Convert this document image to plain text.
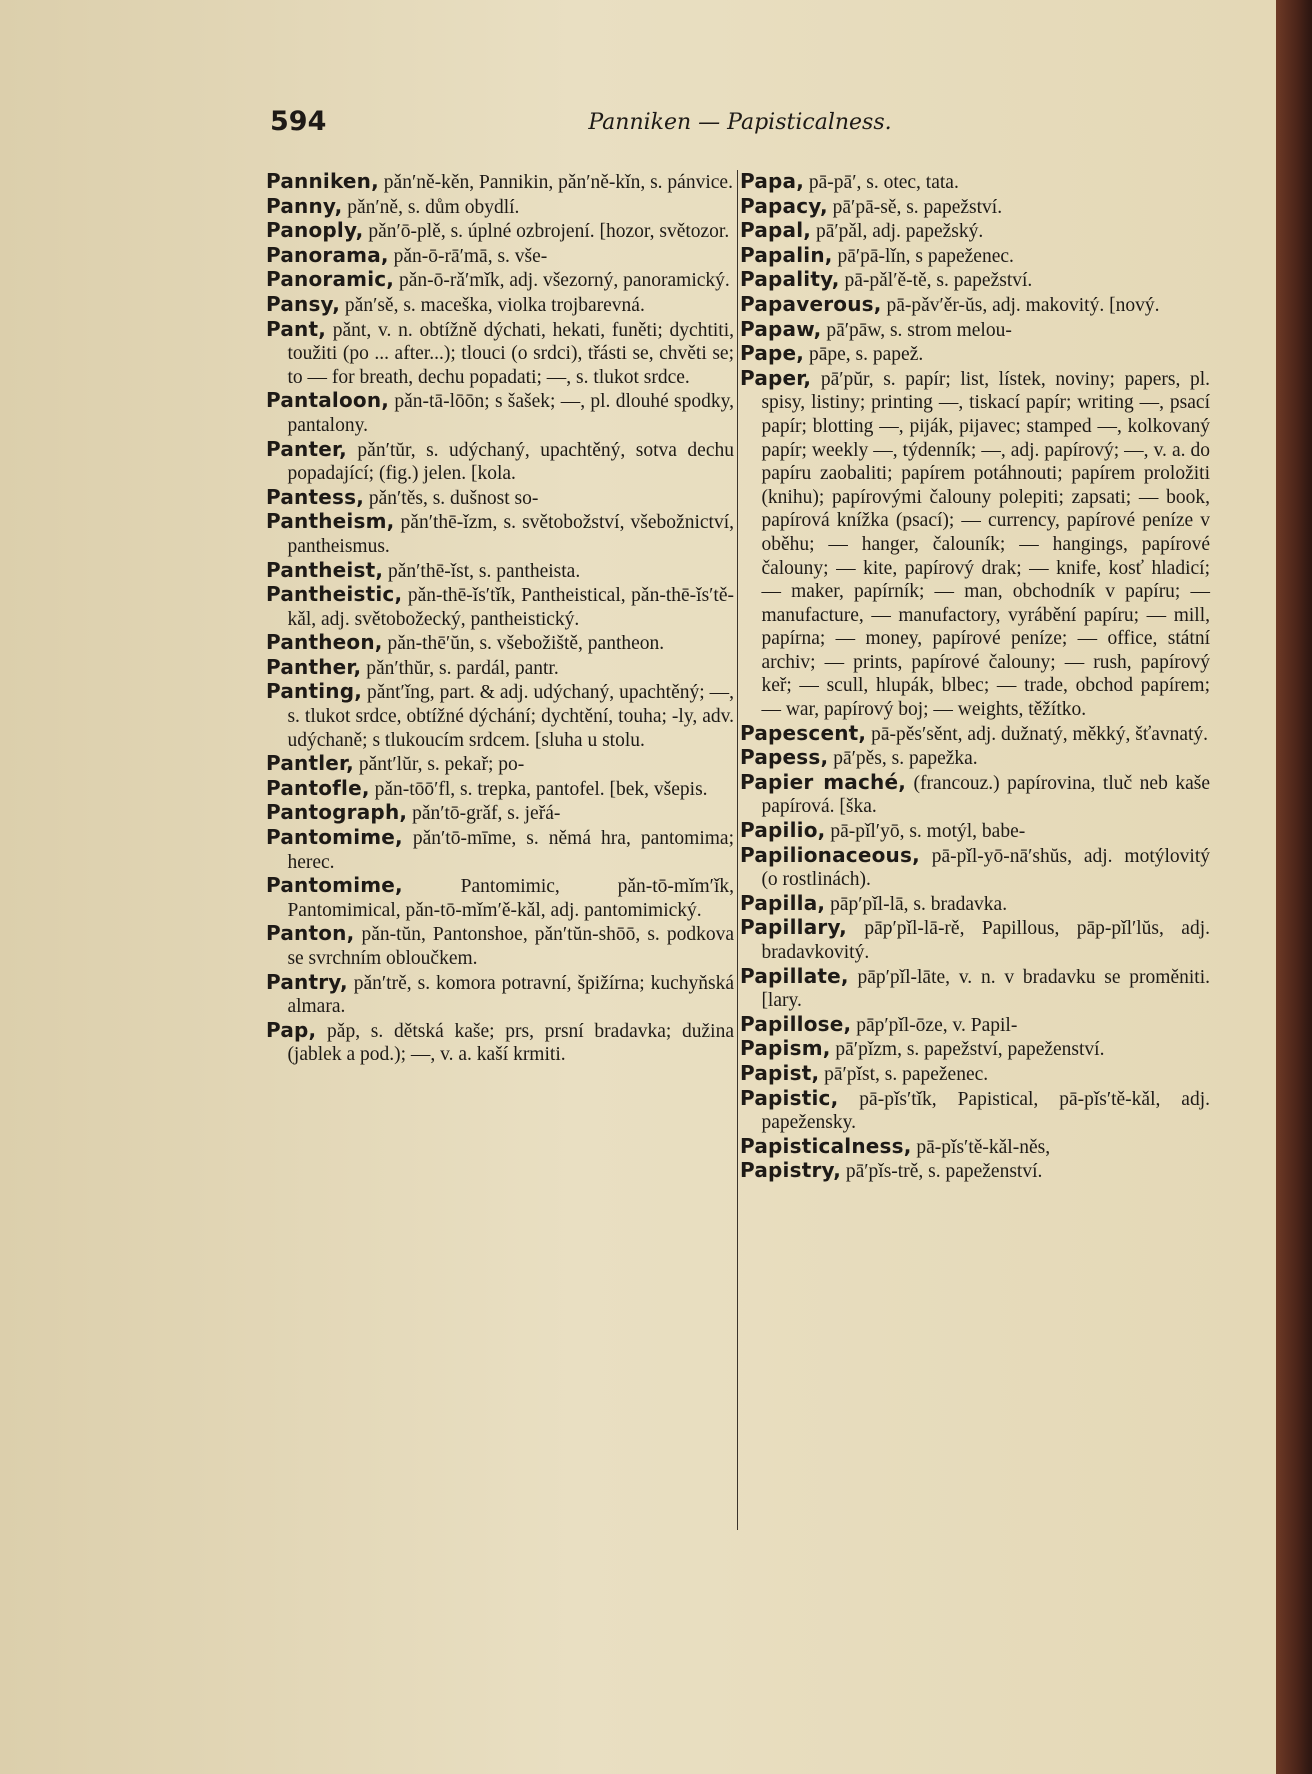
594	Panniken — Papisticalness.

Panniken, pǎn′ně-kěn, Pannikin, pǎn′ně-kǐn, s. pánvice.

Panny, pǎn′ně, s. dům obydlí.

Panoply, pǎn′ō-plě, s. úplné ozbrojení. [hozor, světozor.

Panorama, pǎn-ō-rā′mā, s. vše-

Panoramic, pǎn-ō-rǎ′mǐk, adj. všezorný, panoramický.

Pansy, pǎn′sě, s. maceška, violka trojbarevná.

Pant, pǎnt, v. n. obtížně dýchati, hekati, funěti; dychtiti, toužiti (po ... after...); tlouci (o srdci), třásti se, chvěti se; to — for breath, dechu popadati; —, s. tlukot srdce.

Pantaloon, pǎn-tā-lōōn; s šašek; —, pl. dlouhé spodky, pantalony.

Panter, pǎn′tŭr, s. udýchaný, upachtěný, sotva dechu popadající; (fig.) jelen. [kola.

Pantess, pǎn′těs, s. dušnost so-

Pantheism, pǎn′thē-ǐzm, s. světobožství, všebožnictví, pantheismus.

Pantheist, pǎn′thē-ǐst, s. pantheista.

Pantheistic, pǎn-thē-ǐs′tǐk, Pantheistical, pǎn-thē-ǐs′tě-kǎl, adj. světobožecký, pantheistický.

Pantheon, pǎn-thē′ŭn, s. všebožiště, pantheon.

Panther, pǎn′thŭr, s. pardál, pantr.

Panting, pǎnt′ǐng, part. & adj. udýchaný, upachtěný; —, s. tlukot srdce, obtížné dýchání; dychtění, touha; -ly, adv. udýchaně; s tlukoucím srdcem. [sluha u stolu.

Pantler, pǎnt′lŭr, s. pekař; po-

Pantofle, pǎn-tōō′fl, s. trepka, pantofel. [bek, všepis.

Pantograph, pǎn′tō-grǎf, s. jeřá-

Pantomime, pǎn′tō-mīme, s. němá hra, pantomima; herec.

Pantomime, Pantomimic, pǎn-tō-mǐm′ǐk, Pantomimical, pǎn-tō-mǐm′ě-kǎl, adj. pantomimický.

Panton, pǎn-tŭn, Pantonshoe, pǎn′tŭn-shōō, s. podkova se svrchním obloučkem.

Pantry, pǎn′trě, s. komora potravní, špižírna; kuchyňská almara.

Pap, pǎp, s. dětská kaše; prs, prsní bradavka; dužina (jablek a pod.); —, v. a. kaší krmiti.

Papa, pā-pā′, s. otec, tata.

Papacy, pā′pā-sě, s. papežství.

Papal, pā′pǎl, adj. papežský.

Papalin, pā′pā-lǐn, s papeženec.

Papality, pā-pǎl′ě-tě, s. papežství.

Papaverous, pā-pǎv′ěr-ŭs, adj. makovitý. [nový.

Papaw, pā′pāw, s. strom melou-

Pape, pāpe, s. papež.

Paper, pā′pŭr, s. papír; list, lístek, noviny; papers, pl. spisy, listiny; printing —, tiskací papír; writing —, psací papír; blotting —, piják, pijavec; stamped —, kolkovaný papír; weekly —, týdenník; —, adj. papírový; —, v. a. do papíru zaobaliti; papírem potáhnouti; papírem proložiti (knihu); papírovými čalouny polepiti; zapsati; — book, papírová knížka (psací); — currency, papírové peníze v oběhu; — hanger, čalouník; — hangings, papírové čalouny; — kite, papírový drak; — knife, kosť hladicí; — maker, papírník; — man, obchodník v papíru; — manufacture, — manufactory, vyrábění papíru; — mill, papírna; — money, papírové peníze; — office, státní archiv; — prints, papírové čalouny; — rush, papírový keř; — scull, hlupák, blbec; — trade, obchod papírem; — war, papírový boj; — weights, těžítko.

Papescent, pā-pěs′sěnt, adj. dužnatý, měkký, šťavnatý.

Papess, pā′pěs, s. papežka.

Papier maché, (francouz.) papírovina, tluč neb kaše papírová. [ška.

Papilio, pā-pǐl′yō, s. motýl, babe-

Papilionaceous, pā-pǐl-yō-nā′shŭs, adj. motýlovitý (o rostlinách).

Papilla, pāp′pǐl-lā, s. bradavka.

Papillary, pāp′pǐl-lā-rě, Papillous, pāp-pǐl′lŭs, adj. bradavkovitý.

Papillate, pāp′pǐl-lāte, v. n. v bradavku se proměniti. [lary.

Papillose, pāp′pǐl-ōze, v. Papil-

Papism, pā′pǐzm, s. papežství, papeženství.

Papist, pā′pǐst, s. papeženec.

Papistic, pā-pǐs′tǐk, Papistical, pā-pǐs′tě-kǎl, adj. papežensky.

Papisticalness, pā-pǐs′tě-kǎl-něs,

Papistry, pā′pǐs-trě, s. papeženství.
